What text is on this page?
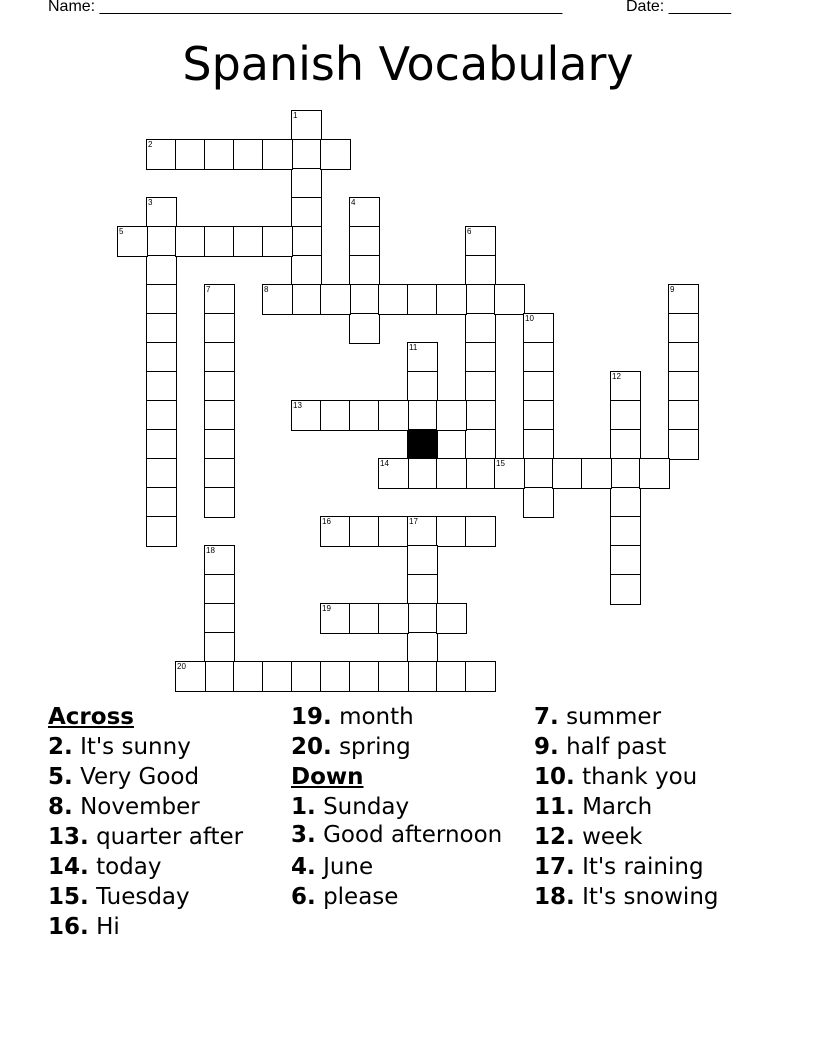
Name: ____________________________________________________	Date: _______
Spanish Vocabulary
1
2
3	4
5	6
7	8	9
10
11
12
13
14	15
16	17
18
19
20
Across
2. It's sunny
5. Very Good
8. November
13. quarter after
14. today
15. Tuesday
16. Hi
19. month
20. spring
Down
1. Sunday
3. Good afternoon
4. June
6. please
7. summer
9. half past
10. thank you
11. March
12. week
17. It's raining
18. It's snowing
